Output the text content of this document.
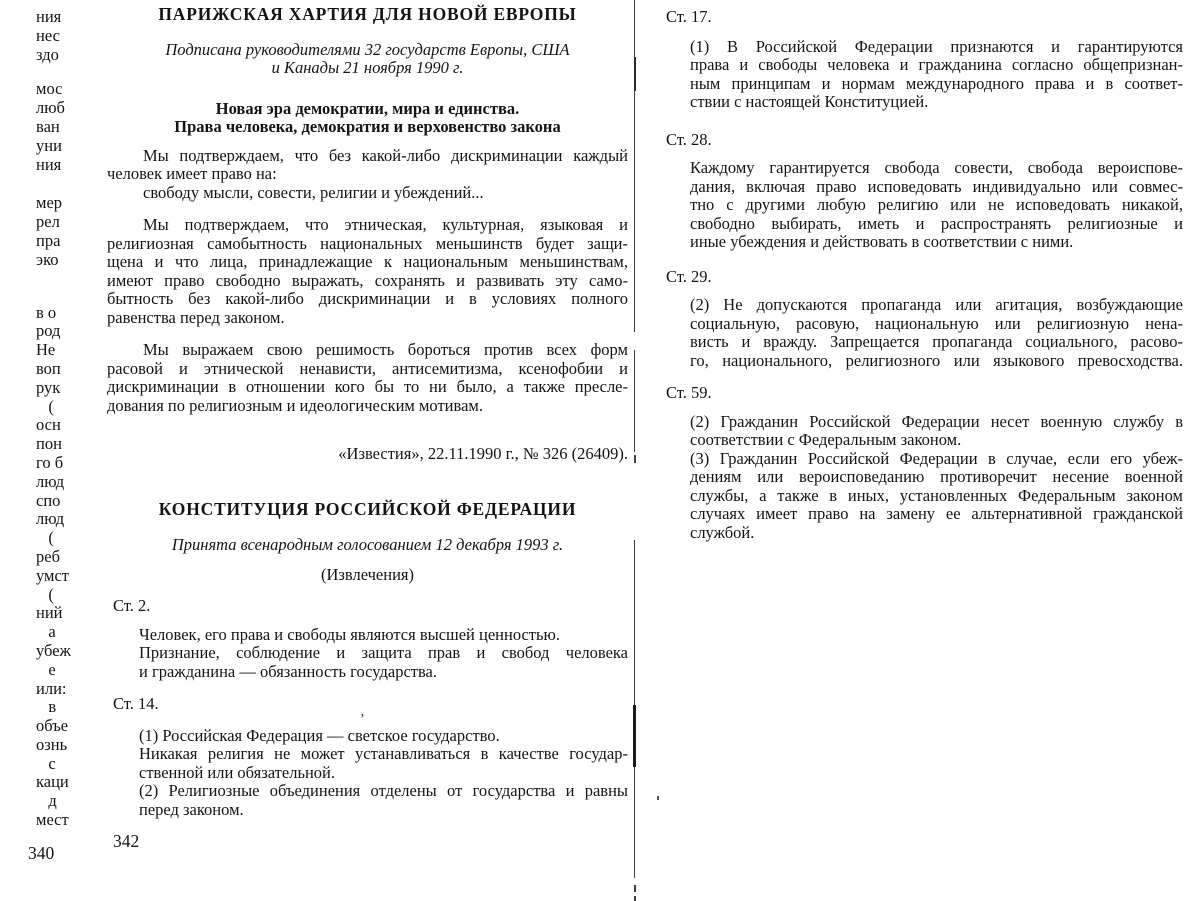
ния
нес
здо
мос
люб
ван
уни
ния
мер
рел
пра
эко
в о
род
Не
воп
рук
(
осн
пон
го б
люд
спо
люд
(
реб
умст
(
ний
а
убеж
е
или:
в
объе
ознь
с
каци
д
мест
340
ПАРИЖСКАЯ ХАРТИЯ ДЛЯ НОВОЙ ЕВРОПЫ
Подписана руководителями 32 государств Европы, США
и Канады 21 ноября 1990 г.
Новая эра демократии, мира и единства.
Права человека, демократия и верховенство закона
Мы подтверждаем, что без какой-либо дискриминации каждый
человек имеет право на:
свободу мысли, совести, религии и убеждений...
Мы подтверждаем, что этническая, культурная, языковая и
религиозная самобытность национальных меньшинств будет защи-
щена и что лица, принадлежащие к национальным меньшинствам,
имеют право свободно выражать, сохранять и развивать эту само-
бытность без какой-либо дискриминации и в условиях полного
равенства перед законом.
Мы выражаем свою решимость бороться против всех форм
расовой и этнической ненависти, антисемитизма, ксенофобии и
дискриминации в отношении кого бы то ни было, а также пресле-
дования по религиозным и идеологическим мотивам.
«Известия», 22.11.1990 г., № 326 (26409).
КОНСТИТУЦИЯ РОССИЙСКОЙ ФЕДЕРАЦИИ
Принята всенародным голосованием 12 декабря 1993 г.
(Извлечения)
Ст. 2.
Человек, его права и свободы являются высшей ценностью.
Признание, соблюдение и защита прав и свобод человека
и гражданина — обязанность государства.
Ст. 14.
(1) Российская Федерация — светское государство.
Никакая религия не может устанавливаться в качестве государ-
ственной или обязательной.
(2) Религиозные объединения отделены от государства и равны
перед законом.
342
Ст. 17.
(1) В Российской Федерации признаются и гарантируются
права и свободы человека и гражданина согласно общепризнан-
ным принципам и нормам международного права и в соответ-
ствии с настоящей Конституцией.
Ст. 28.
Каждому гарантируется свобода совести, свобода вероиспове-
дания, включая право исповедовать индивидуально или совмес-
тно с другими любую религию или не исповедовать никакой,
свободно выбирать, иметь и распространять религиозные и
иные убеждения и действовать в соответствии с ними.
Ст. 29.
(2) Не допускаются пропаганда или агитация, возбуждающие
социальную, расовую, национальную или религиозную нена-
висть и вражду. Запрещается пропаганда социального, расово-
го, национального, религиозного или языкового превосходства.
Ст. 59.
(2) Гражданин Российской Федерации несет военную службу в
соответствии с Федеральным законом.
(3) Гражданин Российской Федерации в случае, если его убеж-
дениям или вероисповеданию противоречит несение военной
службы, а также в иных, установленных Федеральным законом
случаях имеет право на замену ее альтернативной гражданской
службой.
’
